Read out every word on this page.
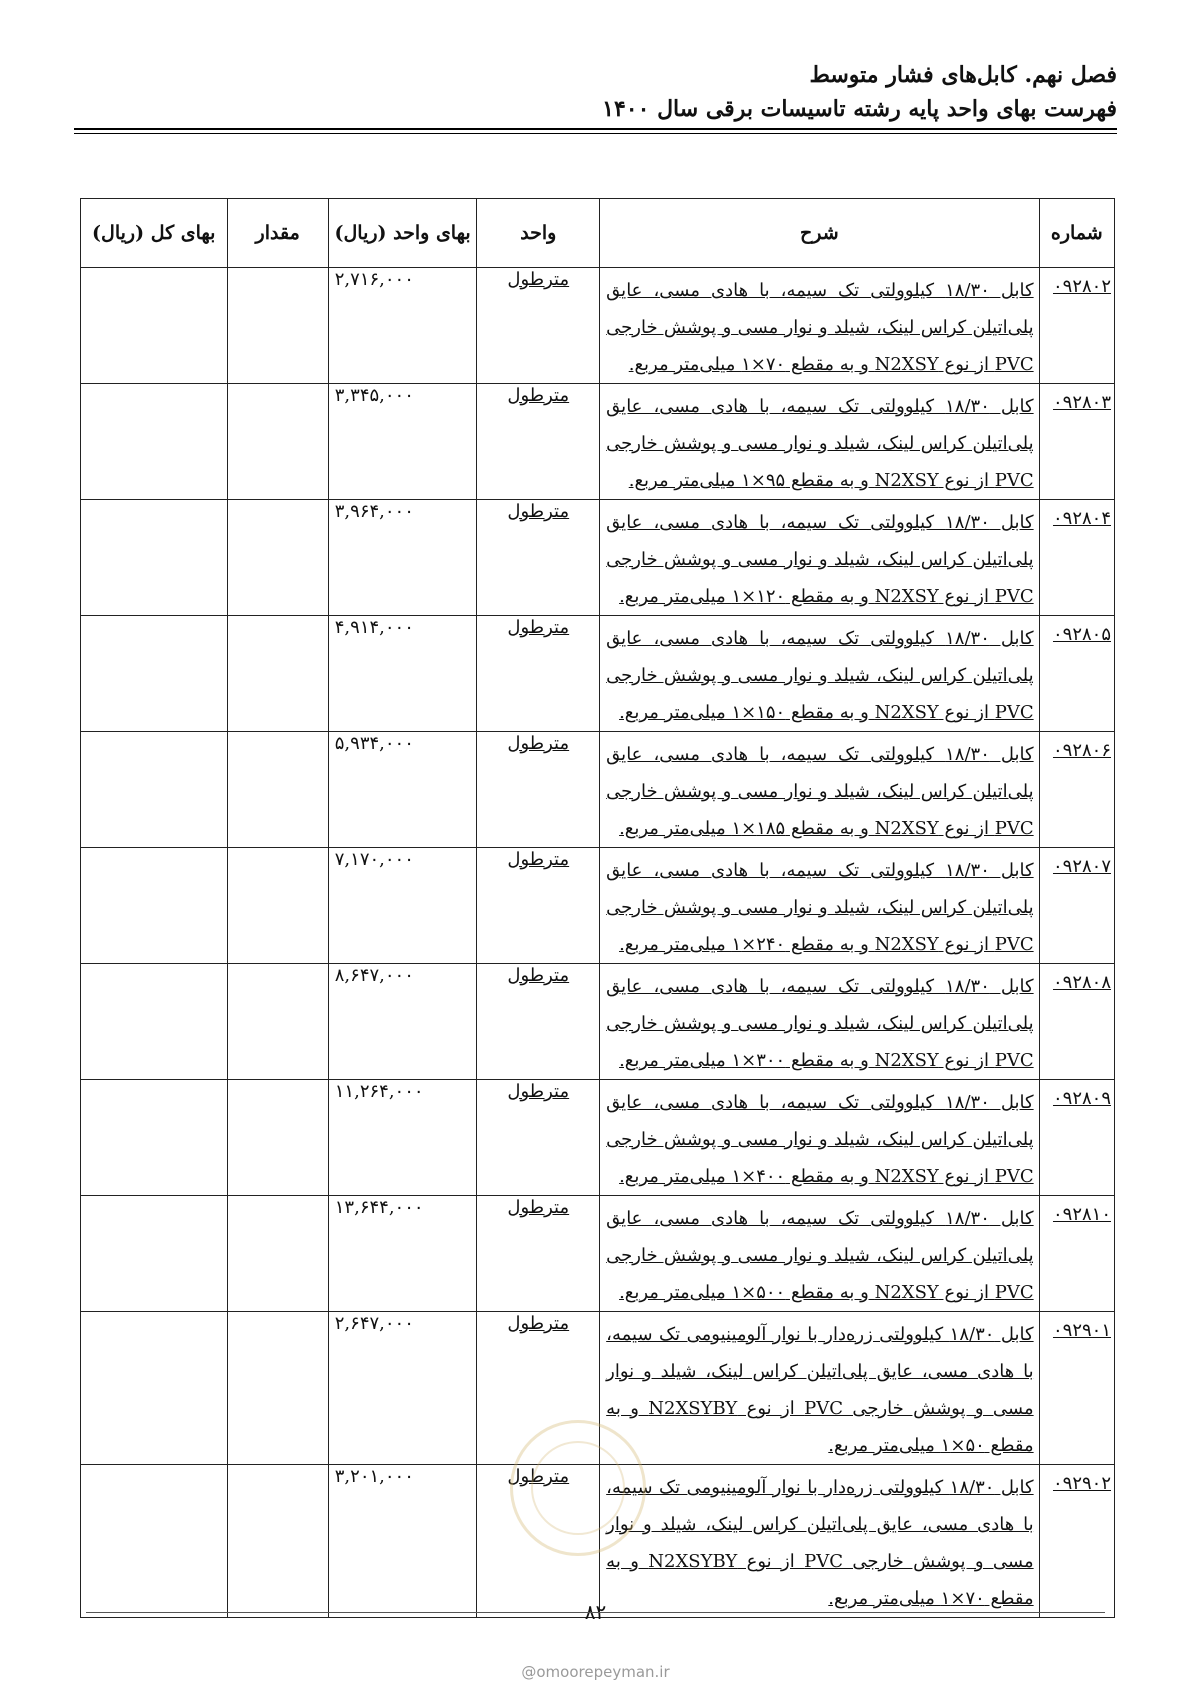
فصل نهم. کابل‌های فشار متوسط
فهرست بهای واحد پایه رشته تاسیسات برقی سال ۱۴۰۰
شماره	شرح	واحد	بهای واحد (ریال)	مقدار	بهای کل (ریال)
۰۹۲۸۰۲	کابل ۱۸/۳۰ کیلوولتی تک سیمه، با هادی مسی، عایق پلی‌اتیلن کراس لینک، شیلد و نوار مسی و پوشش خارجی PVC از نوع N2XSY و به مقطع ۷۰×۱ میلی‌متر مربع.	مترطول	۲,۷۱۶,۰۰۰		
۰۹۲۸۰۳	کابل ۱۸/۳۰ کیلوولتی تک سیمه، با هادی مسی، عایق پلی‌اتیلن کراس لینک، شیلد و نوار مسی و پوشش خارجی PVC از نوع N2XSY و به مقطع ۹۵×۱ میلی‌متر مربع.	مترطول	۳,۳۴۵,۰۰۰		
۰۹۲۸۰۴	کابل ۱۸/۳۰ کیلوولتی تک سیمه، با هادی مسی، عایق پلی‌اتیلن کراس لینک، شیلد و نوار مسی و پوشش خارجی PVC از نوع N2XSY و به مقطع ۱۲۰×۱ میلی‌متر مربع.	مترطول	۳,۹۶۴,۰۰۰		
۰۹۲۸۰۵	کابل ۱۸/۳۰ کیلوولتی تک سیمه، با هادی مسی، عایق پلی‌اتیلن کراس لینک، شیلد و نوار مسی و پوشش خارجی PVC از نوع N2XSY و به مقطع ۱۵۰×۱ میلی‌متر مربع.	مترطول	۴,۹۱۴,۰۰۰		
۰۹۲۸۰۶	کابل ۱۸/۳۰ کیلوولتی تک سیمه، با هادی مسی، عایق پلی‌اتیلن کراس لینک، شیلد و نوار مسی و پوشش خارجی PVC از نوع N2XSY و به مقطع ۱۸۵×۱ میلی‌متر مربع.	مترطول	۵,۹۳۴,۰۰۰		
۰۹۲۸۰۷	کابل ۱۸/۳۰ کیلوولتی تک سیمه، با هادی مسی، عایق پلی‌اتیلن کراس لینک، شیلد و نوار مسی و پوشش خارجی PVC از نوع N2XSY و به مقطع ۲۴۰×۱ میلی‌متر مربع.	مترطول	۷,۱۷۰,۰۰۰		
۰۹۲۸۰۸	کابل ۱۸/۳۰ کیلوولتی تک سیمه، با هادی مسی، عایق پلی‌اتیلن کراس لینک، شیلد و نوار مسی و پوشش خارجی PVC از نوع N2XSY و به مقطع ۳۰۰×۱ میلی‌متر مربع.	مترطول	۸,۶۴۷,۰۰۰		
۰۹۲۸۰۹	کابل ۱۸/۳۰ کیلوولتی تک سیمه، با هادی مسی، عایق پلی‌اتیلن کراس لینک، شیلد و نوار مسی و پوشش خارجی PVC از نوع N2XSY و به مقطع ۴۰۰×۱ میلی‌متر مربع.	مترطول	۱۱,۲۶۴,۰۰۰		
۰۹۲۸۱۰	کابل ۱۸/۳۰ کیلوولتی تک سیمه، با هادی مسی، عایق پلی‌اتیلن کراس لینک، شیلد و نوار مسی و پوشش خارجی PVC از نوع N2XSY و به مقطع ۵۰۰×۱ میلی‌متر مربع.	مترطول	۱۳,۶۴۴,۰۰۰		
۰۹۲۹۰۱	کابل ۱۸/۳۰ کیلوولتی زره‌دار با نوار آلومینیومی تک سیمه، با هادی مسی، عایق پلی‌اتیلن کراس لینک، شیلد و نوار مسی و پوشش خارجی PVC از نوع N2XSYBY و به مقطع ۵۰×۱ میلی‌متر مربع.	مترطول	۲,۶۴۷,۰۰۰		
۰۹۲۹۰۲	کابل ۱۸/۳۰ کیلوولتی زره‌دار با نوار آلومینیومی تک سیمه، با هادی مسی، عایق پلی‌اتیلن کراس لینک، شیلد و نوار مسی و پوشش خارجی PVC از نوع N2XSYBY و به مقطع ۷۰×۱ میلی‌متر مربع.	مترطول	۳,۲۰۱,۰۰۰		
۸۲
@omoorepeyman.ir
